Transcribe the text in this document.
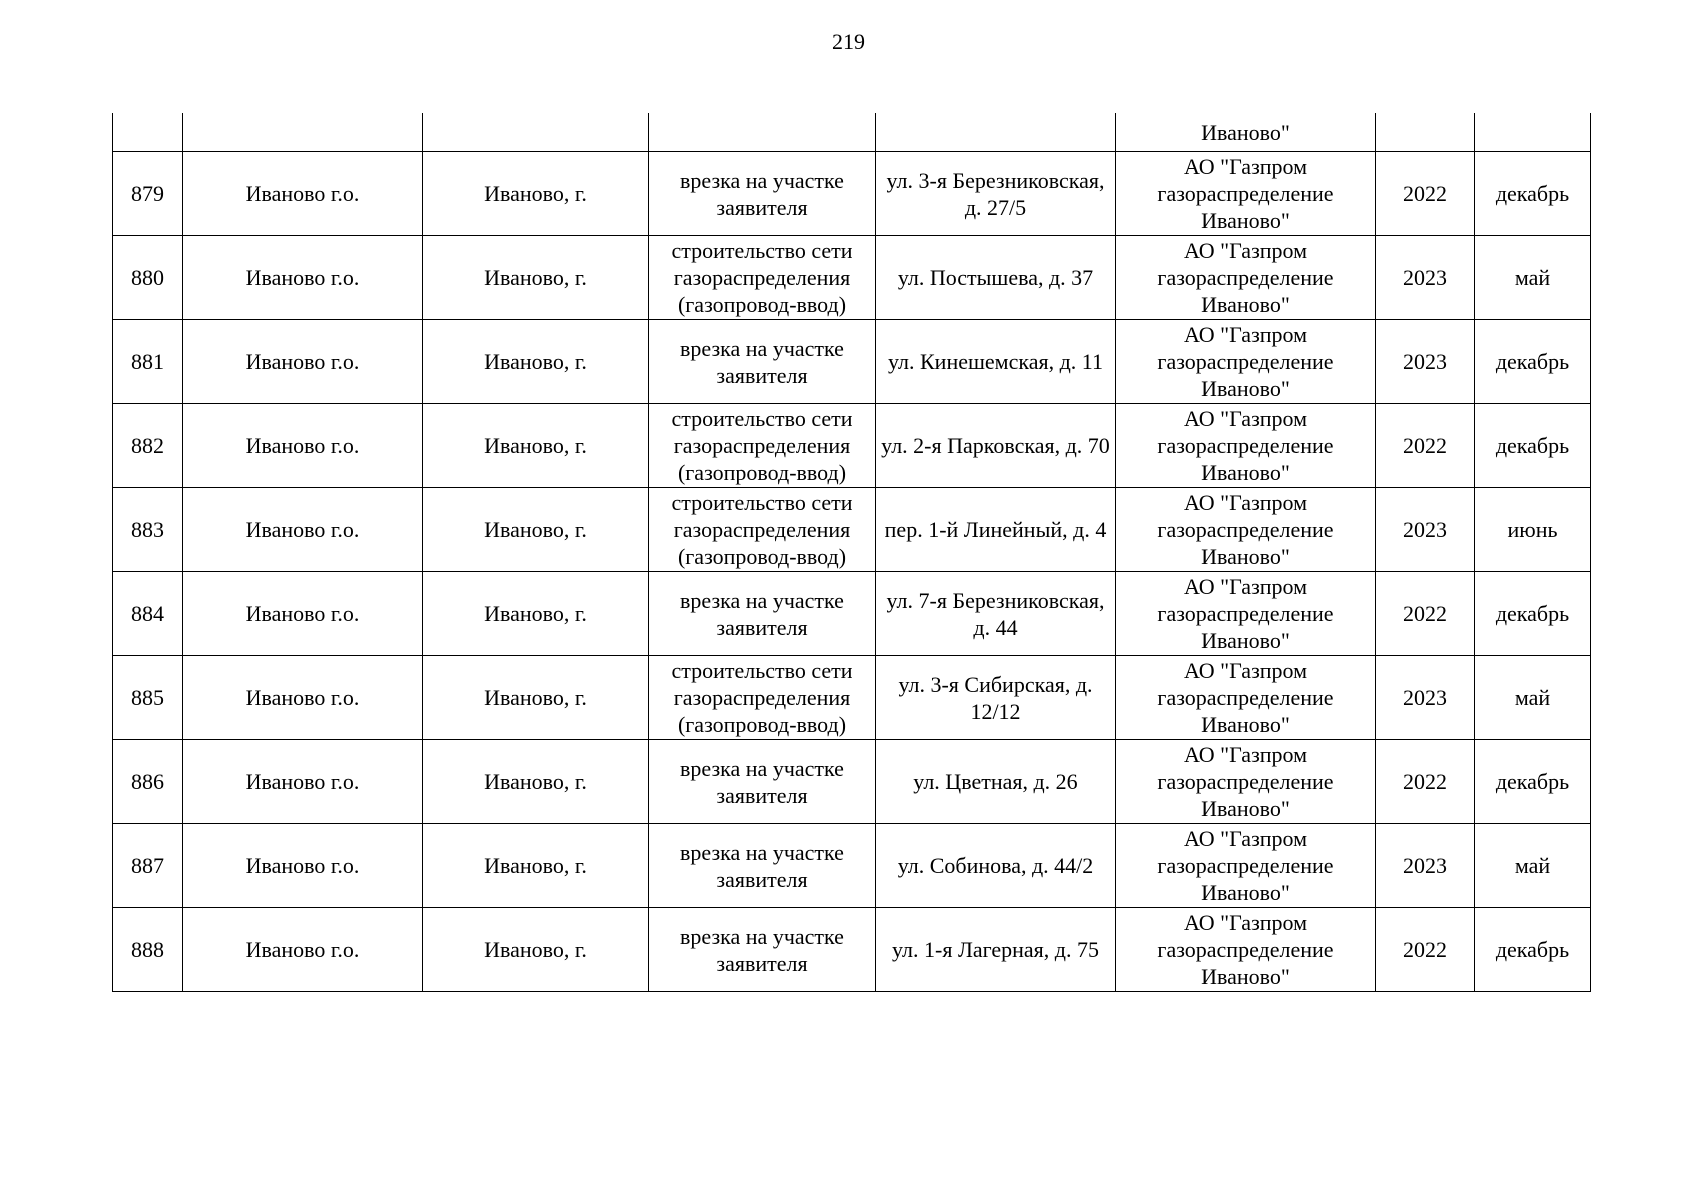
219
					Иваново"		
879	Иваново г.о.	Иваново, г.	врезка на участке заявителя	ул. 3-я Березниковская, д. 27/5	АО "Газпром газораспределение Иваново"	2022	декабрь
880	Иваново г.о.	Иваново, г.	строительство сети газораспределения (газопровод-ввод)	ул. Постышева, д. 37	АО "Газпром газораспределение Иваново"	2023	май
881	Иваново г.о.	Иваново, г.	врезка на участке заявителя	ул. Кинешемская, д. 11	АО "Газпром газораспределение Иваново"	2023	декабрь
882	Иваново г.о.	Иваново, г.	строительство сети газораспределения (газопровод-ввод)	ул. 2-я Парковская, д. 70	АО "Газпром газораспределение Иваново"	2022	декабрь
883	Иваново г.о.	Иваново, г.	строительство сети газораспределения (газопровод-ввод)	пер. 1-й Линейный, д. 4	АО "Газпром газораспределение Иваново"	2023	июнь
884	Иваново г.о.	Иваново, г.	врезка на участке заявителя	ул. 7-я Березниковская, д. 44	АО "Газпром газораспределение Иваново"	2022	декабрь
885	Иваново г.о.	Иваново, г.	строительство сети газораспределения (газопровод-ввод)	ул. 3-я Сибирская, д. 12/12	АО "Газпром газораспределение Иваново"	2023	май
886	Иваново г.о.	Иваново, г.	врезка на участке заявителя	ул. Цветная, д. 26	АО "Газпром газораспределение Иваново"	2022	декабрь
887	Иваново г.о.	Иваново, г.	врезка на участке заявителя	ул. Собинова, д. 44/2	АО "Газпром газораспределение Иваново"	2023	май
888	Иваново г.о.	Иваново, г.	врезка на участке заявителя	ул. 1-я Лагерная, д. 75	АО "Газпром газораспределение Иваново"	2022	декабрь
